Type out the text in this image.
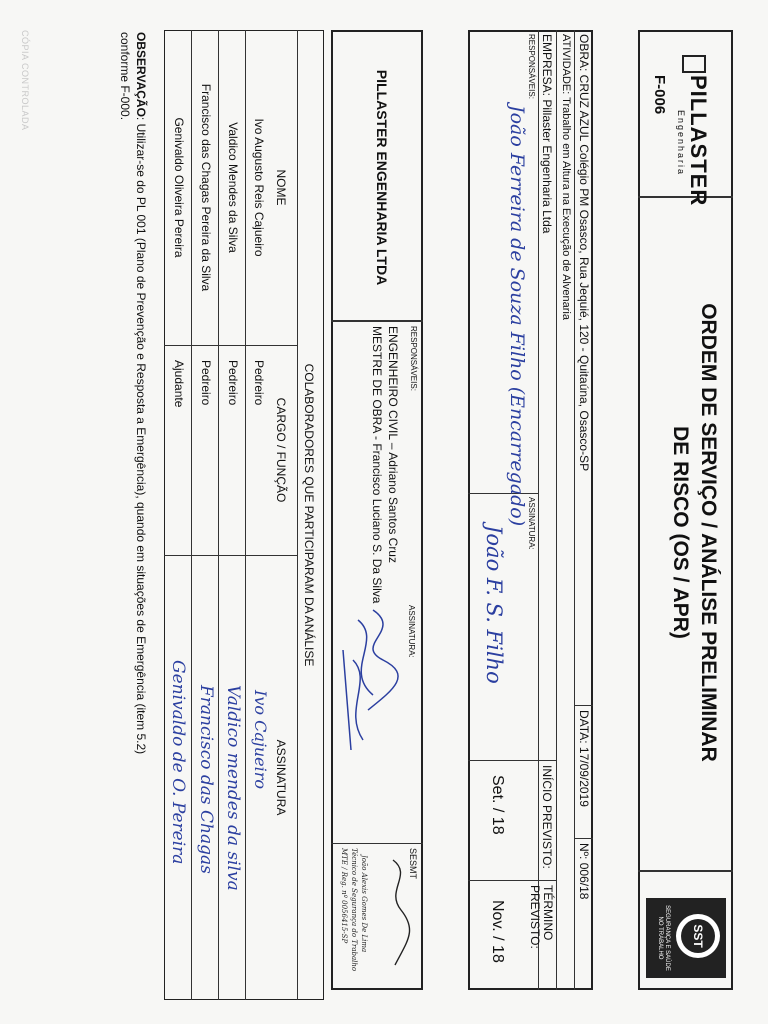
CÓPIA CONTROLADA	PILLASTER
Engenharia
F-006
ORDEM DE SERVIÇO / ANÁLISE PRELIMINAR
DE RISCO (OS / APR)
SST
SEGURANÇA E SAÚDE NO TRABALHO
OBRA: CRUZ AZUL Colégio PM Osasco, Rua Jequié, 120 - Quitaúna, Osasco-SP
DATA: 17/09/2019
Nº: 006/18
ATIVIDADE: Trabalho em Altura na Execução de Alvenaria
EMPRESA: Pillaster Engenharia Ltda
INÍCIO PREVISTO:
TÉRMINO PREVISTO:
RESPONSÁVEIS:
João Ferreira de Souza Filho (Encarregado) ASSINATURA:
João F. S. Filho
Set. / 18
Nov. / 18
PILLASTER ENGENHARIA LTDA
RESPONSÁVEIS:
ENGENHEIRO CIVIL – Adriano Santos Cruz
MESTRE DE OBRA - Francisco Luciano S. Da Silva
ASSINATURA:
SESMT
João Alexis Gomes De Lima
Técnico de Segurança do Trabalho
MTE / Reg. nº 0056415-SP
COLABORADORES QUE PARTICIPARAM DA ANÁLISE
NOME
CARGO / FUNÇÃO
ASSINATURA
Ivo Augusto Reis Cajueiro
Pedreiro
Ivo Cajueiro
Valdico Mendes da Silva
Pedreiro
Valdico mendes da silva
Francisco das Chagas Pereira da Silva
Pedreiro
Francisco das Chagas
Genivaldo Oliveira Pereira
Ajudante
Genivaldo de O. Pereira
OBSERVAÇÃO: Utilizar-se do PL 001 (Plano de Prevenção e Resposta a Emergência), quando em situações de Emergência (item 5.2)
conforme F-000.
